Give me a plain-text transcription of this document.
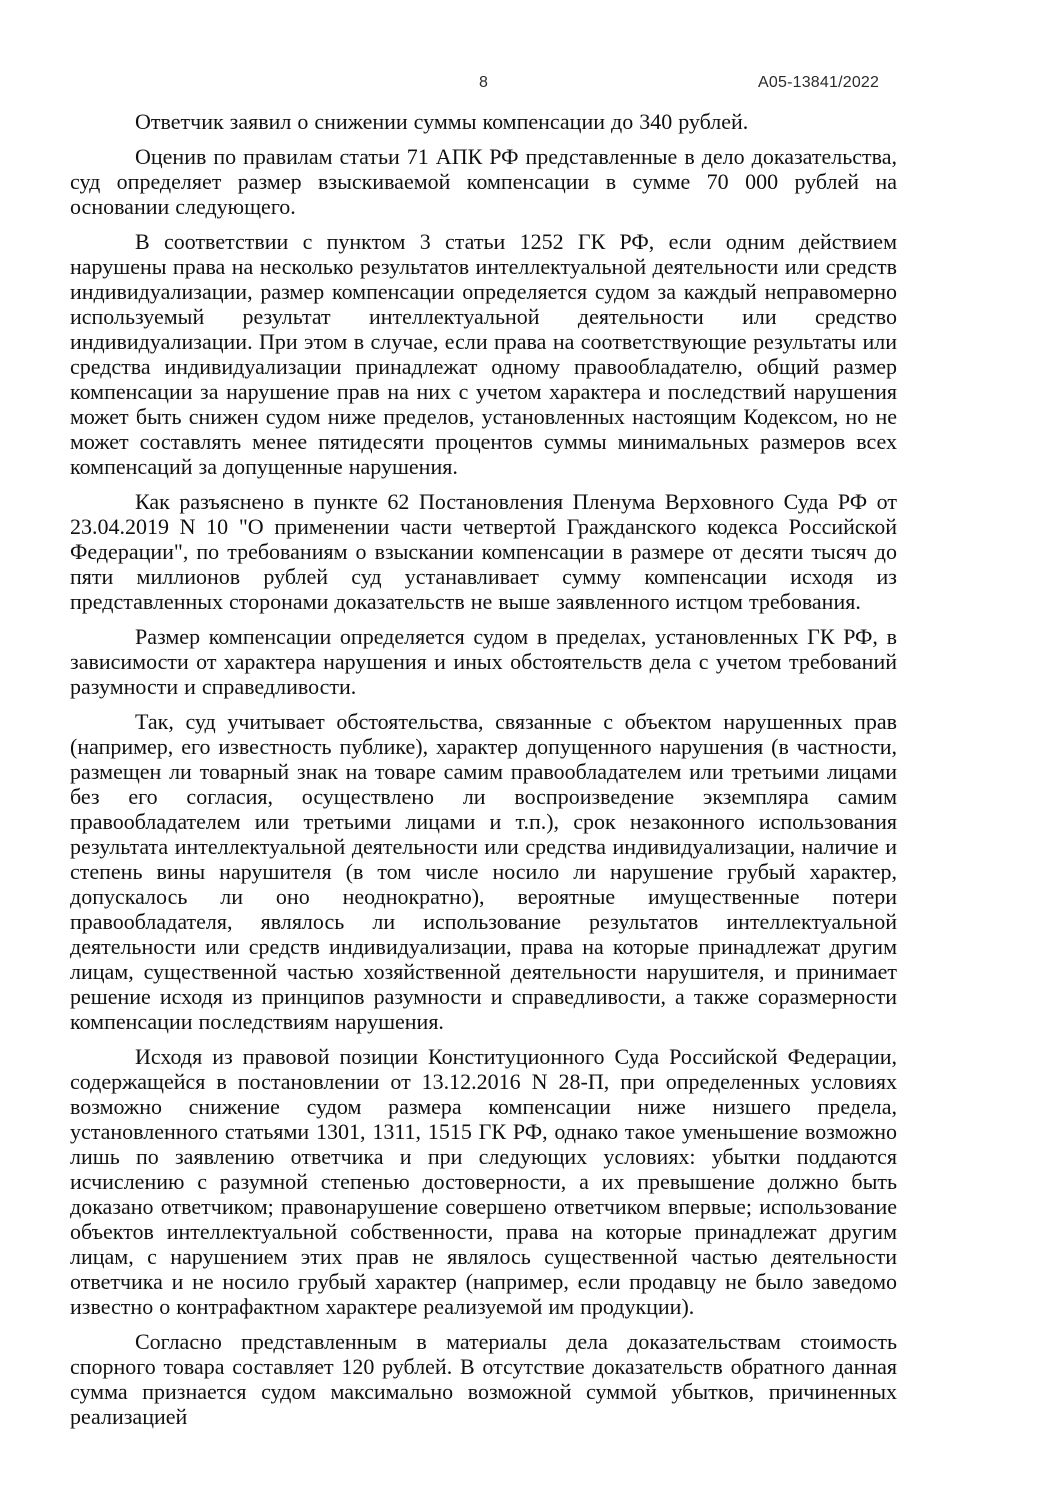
8	А05-13841/2022

Ответчик заявил о снижении суммы компенсации до 340 рублей.

Оценив по правилам статьи 71 АПК РФ представленные в дело доказательства, суд определяет размер взыскиваемой компенсации в сумме 70 000 рублей на основании следующего.

В соответствии с пунктом 3 статьи 1252 ГК РФ, если одним действием нарушены права на несколько результатов интеллектуальной деятельности или средств индивидуализации, размер компенсации определяется судом за каждый неправомерно используемый результат интеллектуальной деятельности или средство индивидуализации. При этом в случае, если права на соответствующие результаты или средства индивидуализации принадлежат одному правообладателю, общий размер компенсации за нарушение прав на них с учетом характера и последствий нарушения может быть снижен судом ниже пределов, установленных настоящим Кодексом, но не может составлять менее пятидесяти процентов суммы минимальных размеров всех компенсаций за допущенные нарушения.

Как разъяснено в пункте 62 Постановления Пленума Верховного Суда РФ от 23.04.2019 N 10 "О применении части четвертой Гражданского кодекса Российской Федерации", по требованиям о взыскании компенсации в размере от десяти тысяч до пяти миллионов рублей суд устанавливает сумму компенсации исходя из представленных сторонами доказательств не выше заявленного истцом требования.

Размер компенсации определяется судом в пределах, установленных ГК РФ, в зависимости от характера нарушения и иных обстоятельств дела с учетом требований разумности и справедливости.

Так, суд учитывает обстоятельства, связанные с объектом нарушенных прав (например, его известность публике), характер допущенного нарушения (в частности, размещен ли товарный знак на товаре самим правообладателем или третьими лицами без его согласия, осуществлено ли воспроизведение экземпляра самим правообладателем или третьими лицами и т.п.), срок незаконного использования результата интеллектуальной деятельности или средства индивидуализации, наличие и степень вины нарушителя (в том числе носило ли нарушение грубый характер, допускалось ли оно неоднократно), вероятные имущественные потери правообладателя, являлось ли использование результатов интеллектуальной деятельности или средств индивидуализации, права на которые принадлежат другим лицам, существенной частью хозяйственной деятельности нарушителя, и принимает решение исходя из принципов разумности и справедливости, а также соразмерности компенсации последствиям нарушения.

Исходя из правовой позиции Конституционного Суда Российской Федерации, содержащейся в постановлении от 13.12.2016 N 28-П, при определенных условиях возможно снижение судом размера компенсации ниже низшего предела, установленного статьями 1301, 1311, 1515 ГК РФ, однако такое уменьшение возможно лишь по заявлению ответчика и при следующих условиях: убытки поддаются исчислению с разумной степенью достоверности, а их превышение должно быть доказано ответчиком; правонарушение совершено ответчиком впервые; использование объектов интеллектуальной собственности, права на которые принадлежат другим лицам, с нарушением этих прав не являлось существенной частью деятельности ответчика и не носило грубый характер (например, если продавцу не было заведомо известно о контрафактном характере реализуемой им продукции).

Согласно представленным в материалы дела доказательствам стоимость спорного товара составляет 120 рублей. В отсутствие доказательств обратного данная сумма признается судом максимально возможной суммой убытков, причиненных реализацией
